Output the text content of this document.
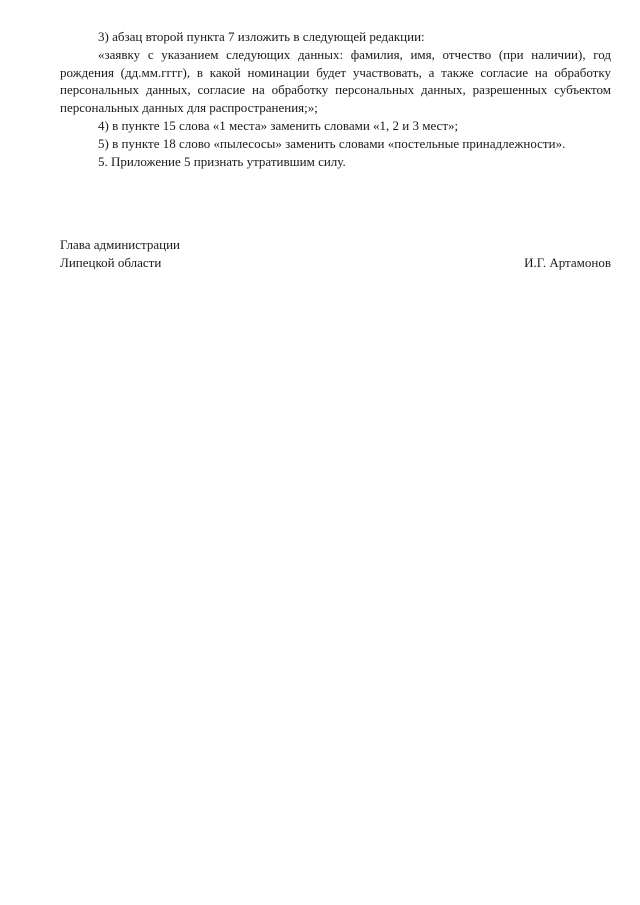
3) абзац второй пункта 7 изложить в следующей редакции:

«заявку с указанием следующих данных: фамилия, имя, отчество (при наличии), год рождения (дд.мм.гггг), в какой номинации будет участвовать, а также согласие на обработку персональных данных, согласие на обработку персональных данных, разрешенных субъектом персональных данных для распространения;»;

4) в пункте 15 слова «1 места» заменить словами «1, 2 и 3 мест»;

5) в пункте 18 слово «пылесосы» заменить словами «постельные принадлежности».

5. Приложение 5 признать утратившим силу.

Глава администрации
Липецкой области	И.Г. Артамонов
